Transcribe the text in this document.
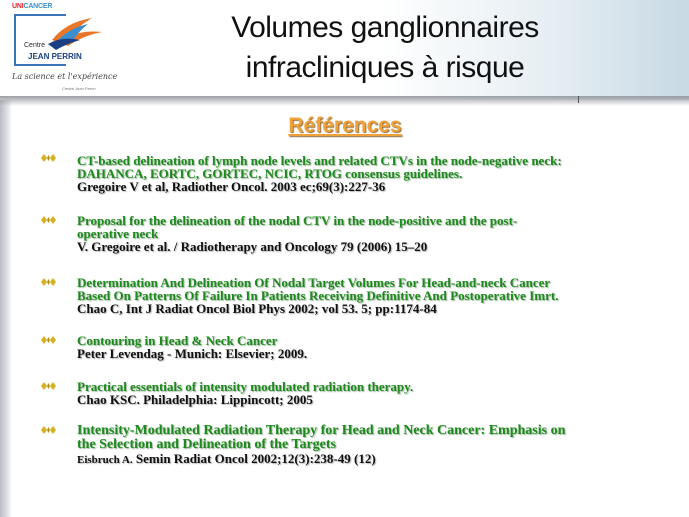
UNICANCER
Centre
JEAN PERRIN
La science et l'expérience
Centre Jean Perrin
Volumes ganglionnaires
infracliniques à risque
Références
CT-based delineation of lymph node levels and related CTVs in the node-negative neck:
DAHANCA, EORTC, GORTEC, NCIC, RTOG consensus guidelines.
Gregoire V et al, Radiother Oncol. 2003 ec;69(3):227-36
Proposal for the delineation of the nodal CTV in the node-positive and the post-
operative neck
V. Gregoire et al. / Radiotherapy and Oncology 79 (2006) 15–20
Determination And Delineation Of Nodal Target Volumes For Head-and-neck Cancer
Based On Patterns Of Failure In Patients Receiving Definitive And Postoperative Imrt.
Chao C, Int J Radiat Oncol Biol Phys 2002; vol 53. 5; pp:1174-84
Contouring in Head & Neck Cancer
Peter Levendag - Munich: Elsevier; 2009.
Practical essentials of intensity modulated radiation therapy.
Chao KSC. Philadelphia: Lippincott; 2005
Intensity-Modulated Radiation Therapy for Head and Neck Cancer: Emphasis on
the Selection and Delineation of the Targets
Eisbruch A. Semin Radiat Oncol 2002;12(3):238-49 (12)
